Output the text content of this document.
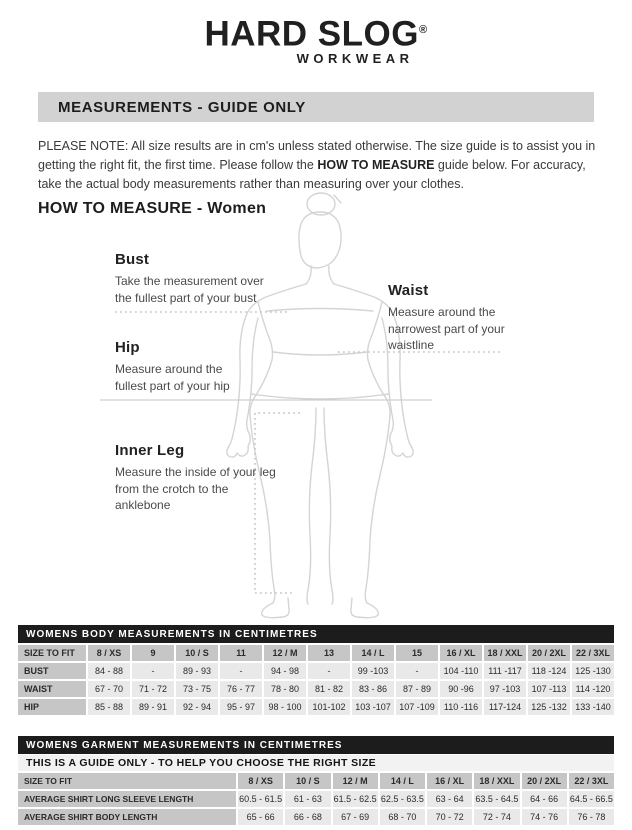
HARD SLOG®
WORKWEAR
MEASUREMENTS - GUIDE ONLY

PLEASE NOTE: All size results are in cm's unless stated otherwise. The size guide is to assist you in getting the right fit, the first time. Please follow the HOW TO MEASURE guide below. For accuracy, take the actual body measurements rather than measuring over your clothes.

HOW TO MEASURE - Women
Bust
Take the measurement over the fullest part of your bust	Waist
Measure around the narrowest part of your waistline
Hip
Measure around the fullest part of your hip
Inner Leg
Measure the inside of your leg from the crotch to the anklebone
WOMENS BODY MEASUREMENTS IN CENTIMETRES
SIZE TO FIT	8 / XS	9	10 / S	11	12 / M	13	14 / L	15	16 / XL	18 / XXL	20 / 2XL	22 / 3XL
BUST	84 - 88	-	89 - 93	-	94 - 98	-	99 -103	-	104 -110	111 -117	118 -124	125 -130
WAIST	67 - 70	71 - 72	73 - 75	76 - 77	78 - 80	81 - 82	83 - 86	87 - 89	90 -96	97 -103	107 -113	114 -120
HIP	85 - 88	89 - 91	92 - 94	95 - 97	98 - 100	101-102	103 -107	107 -109	110 -116	117-124	125 -132	133 -140
WOMENS GARMENT MEASUREMENTS IN CENTIMETRES
THIS IS A GUIDE ONLY - TO HELP YOU CHOOSE THE RIGHT SIZE
SIZE TO FIT	8 / XS	10 / S	12 / M	14 / L	16 / XL	18 / XXL	20 / 2XL	22 / 3XL
AVERAGE SHIRT LONG SLEEVE LENGTH	60.5 - 61.5	61 - 63	61.5 - 62.5	62.5 - 63.5	63 - 64	63.5 - 64.5	64 - 66	64.5 - 66.5
AVERAGE SHIRT BODY LENGTH	65 - 66	66 - 68	67 - 69	68 - 70	70 - 72	72 - 74	74 - 76	76 - 78
